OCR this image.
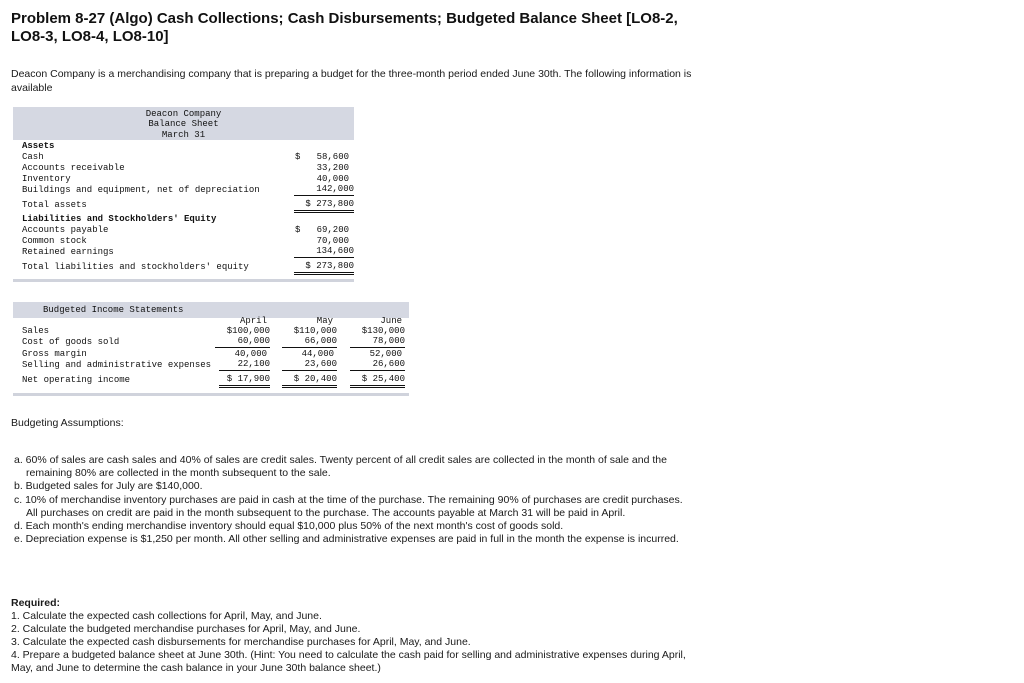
Problem 8-27 (Algo) Cash Collections; Cash Disbursements; Budgeted Balance Sheet [LO8-2, LO8-3, LO8-4, LO8-10]

Deacon Company is a merchandising company that is preparing a budget for the three-month period ended June 30th. The following information is available

Deacon Company
Balance Sheet
March 31
Assets
Cash	$   58,600
Accounts receivable	33,200
Inventory	40,000
Buildings and equipment, net of depreciation	142,000
Total assets	$ 273,800
Liabilities and Stockholders' Equity
Accounts payable	$   69,200
Common stock	70,000
Retained earnings	134,600
Total liabilities and stockholders' equity	$ 273,800
Budgeted Income Statements
April	May	June
Sales	$100,000	$110,000	$130,000
Cost of goods sold	60,000	66,000	78,000
Gross margin	40,000	44,000	52,000
Selling and administrative expenses	22,100	23,600	26,600
Net operating income	$ 17,900	$ 20,400	$ 25,400

Budgeting Assumptions:

a. 60% of sales are cash sales and 40% of sales are credit sales. Twenty percent of all credit sales are collected in the month of sale and the remaining 80% are collected in the month subsequent to the sale.

b. Budgeted sales for July are $140,000.

c. 10% of merchandise inventory purchases are paid in cash at the time of the purchase. The remaining 90% of purchases are credit purchases. All purchases on credit are paid in the month subsequent to the purchase. The accounts payable at March 31 will be paid in April.

d. Each month's ending merchandise inventory should equal $10,000 plus 50% of the next month's cost of goods sold.

e. Depreciation expense is $1,250 per month. All other selling and administrative expenses are paid in full in the month the expense is incurred.

Required:

1. Calculate the expected cash collections for April, May, and June.

2. Calculate the budgeted merchandise purchases for April, May, and June.

3. Calculate the expected cash disbursements for merchandise purchases for April, May, and June.

4. Prepare a budgeted balance sheet at June 30th. (Hint: You need to calculate the cash paid for selling and administrative expenses during April, May, and June to determine the cash balance in your June 30th balance sheet.)
